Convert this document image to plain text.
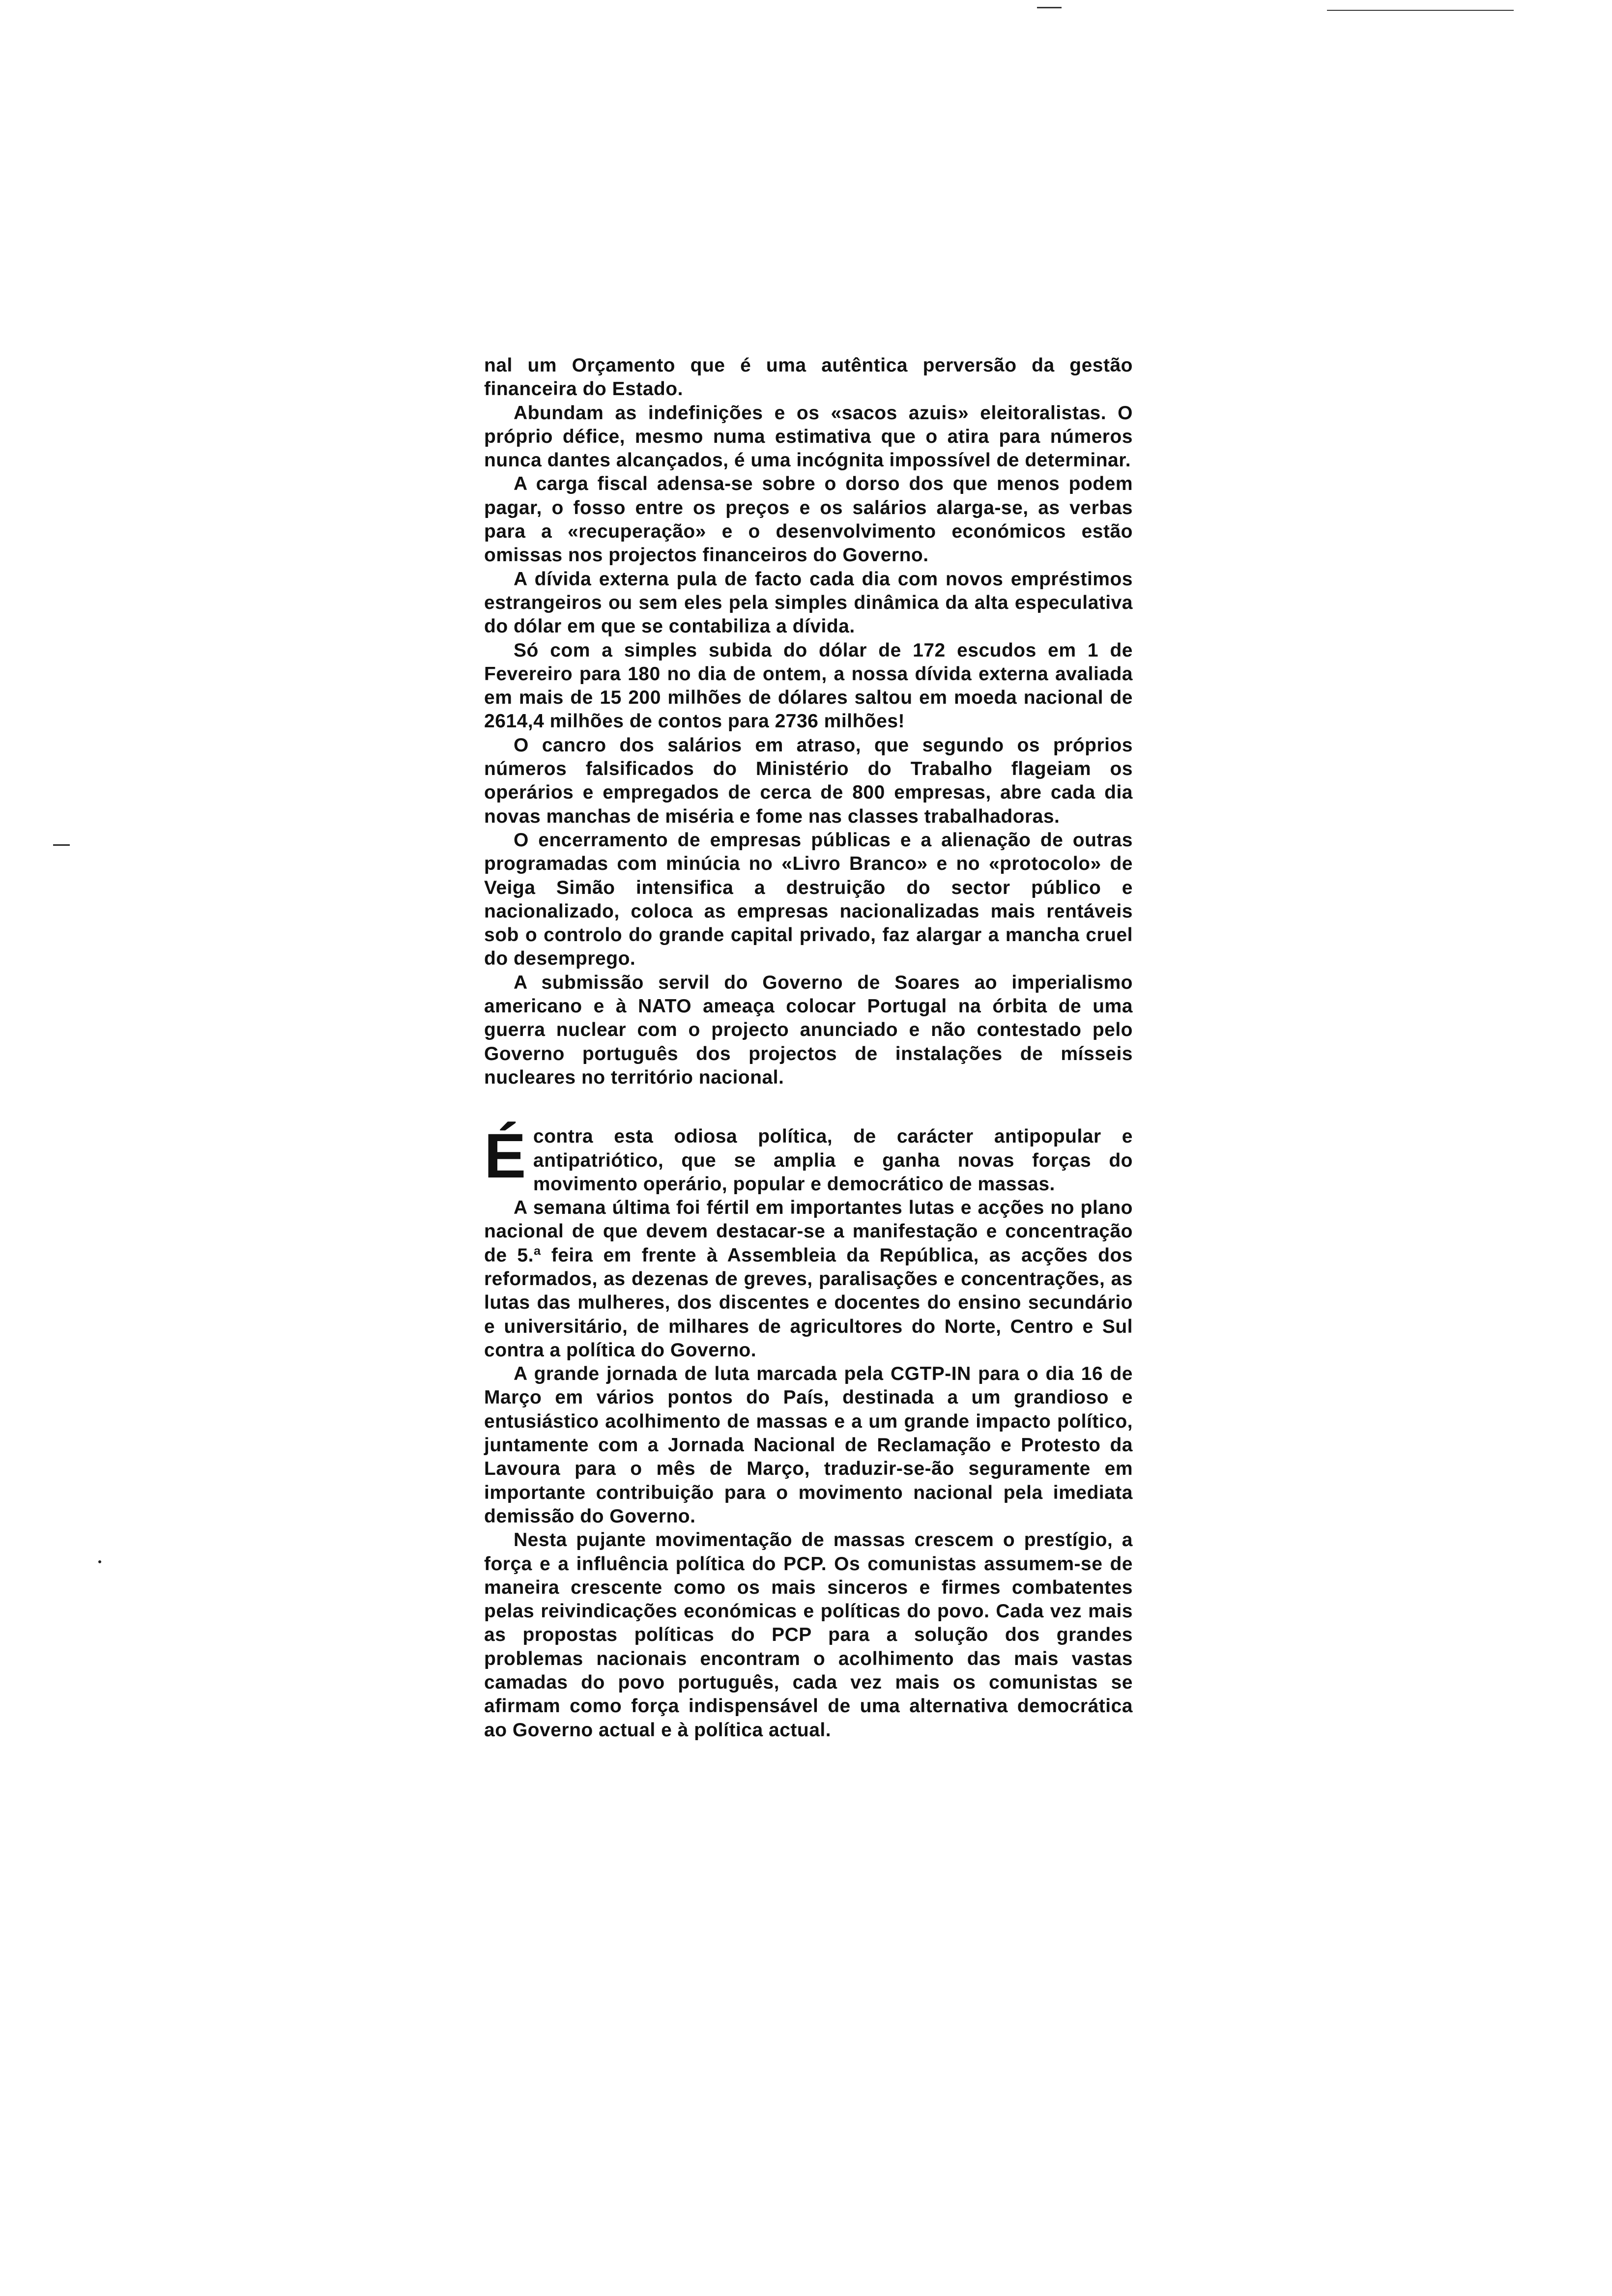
nal um Orçamento que é uma autêntica perversão da gestão financeira do Estado.

Abundam as indefinições e os «sacos azuis» eleitoralistas. O próprio défice, mesmo numa estimativa que o atira para números nunca dantes alcançados, é uma incógnita impossível de determinar.

A carga fiscal adensa-se sobre o dorso dos que menos podem pagar, o fosso entre os preços e os salários alarga-se, as verbas para a «recuperação» e o desenvolvimento económicos estão omissas nos projectos financeiros do Governo.

A dívida externa pula de facto cada dia com novos empréstimos estrangeiros ou sem eles pela simples dinâmica da alta especulativa do dólar em que se contabiliza a dívida.

Só com a simples subida do dólar de 172 escudos em 1 de Fevereiro para 180 no dia de ontem, a nossa dívida externa avaliada em mais de 15 200 milhões de dólares saltou em moeda nacional de 2614,4 milhões de contos para 2736 milhões!

O cancro dos salários em atraso, que segundo os próprios números falsificados do Ministério do Trabalho flageiam os operários e empregados de cerca de 800 empresas, abre cada dia novas manchas de miséria e fome nas classes trabalhadoras.

O encerramento de empresas públicas e a alienação de outras programadas com minúcia no «Livro Branco» e no «protocolo» de Veiga Simão intensifica a destruição do sector público e nacionalizado, coloca as empresas nacionalizadas mais rentáveis sob o controlo do grande capital privado, faz alargar a mancha cruel do desemprego.

A submissão servil do Governo de Soares ao imperialismo americano e à NATO ameaça colocar Portugal na órbita de uma guerra nuclear com o projecto anunciado e não contestado pelo Governo português dos projectos de instalações de mísseis nucleares no território nacional.

É contra esta odiosa política, de carácter antipopular e antipatriótico, que se amplia e ganha novas forças do movimento operário, popular e democrático de massas.

A semana última foi fértil em importantes lutas e acções no plano nacional de que devem destacar-se a manifestação e concentração de 5.ª feira em frente à Assembleia da República, as acções dos reformados, as dezenas de greves, paralisações e concentrações, as lutas das mulheres, dos discentes e docentes do ensino secundário e universitário, de milhares de agricultores do Norte, Centro e Sul contra a política do Governo.

A grande jornada de luta marcada pela CGTP-IN para o dia 16 de Março em vários pontos do País, destinada a um grandioso e entusiástico acolhimento de massas e a um grande impacto político, juntamente com a Jornada Nacional de Reclamação e Protesto da Lavoura para o mês de Março, traduzir-se-ão seguramente em importante contribuição para o movimento nacional pela imediata demissão do Governo.

Nesta pujante movimentação de massas crescem o prestígio, a força e a influência política do PCP. Os comunistas assumem-se de maneira crescente como os mais sinceros e firmes combatentes pelas reivindicações económicas e políticas do povo. Cada vez mais as propostas políticas do PCP para a solução dos grandes problemas nacionais encontram o acolhimento das mais vastas camadas do povo português, cada vez mais os comunistas se afirmam como força indispensável de uma alternativa democrática ao Governo actual e à política actual.
